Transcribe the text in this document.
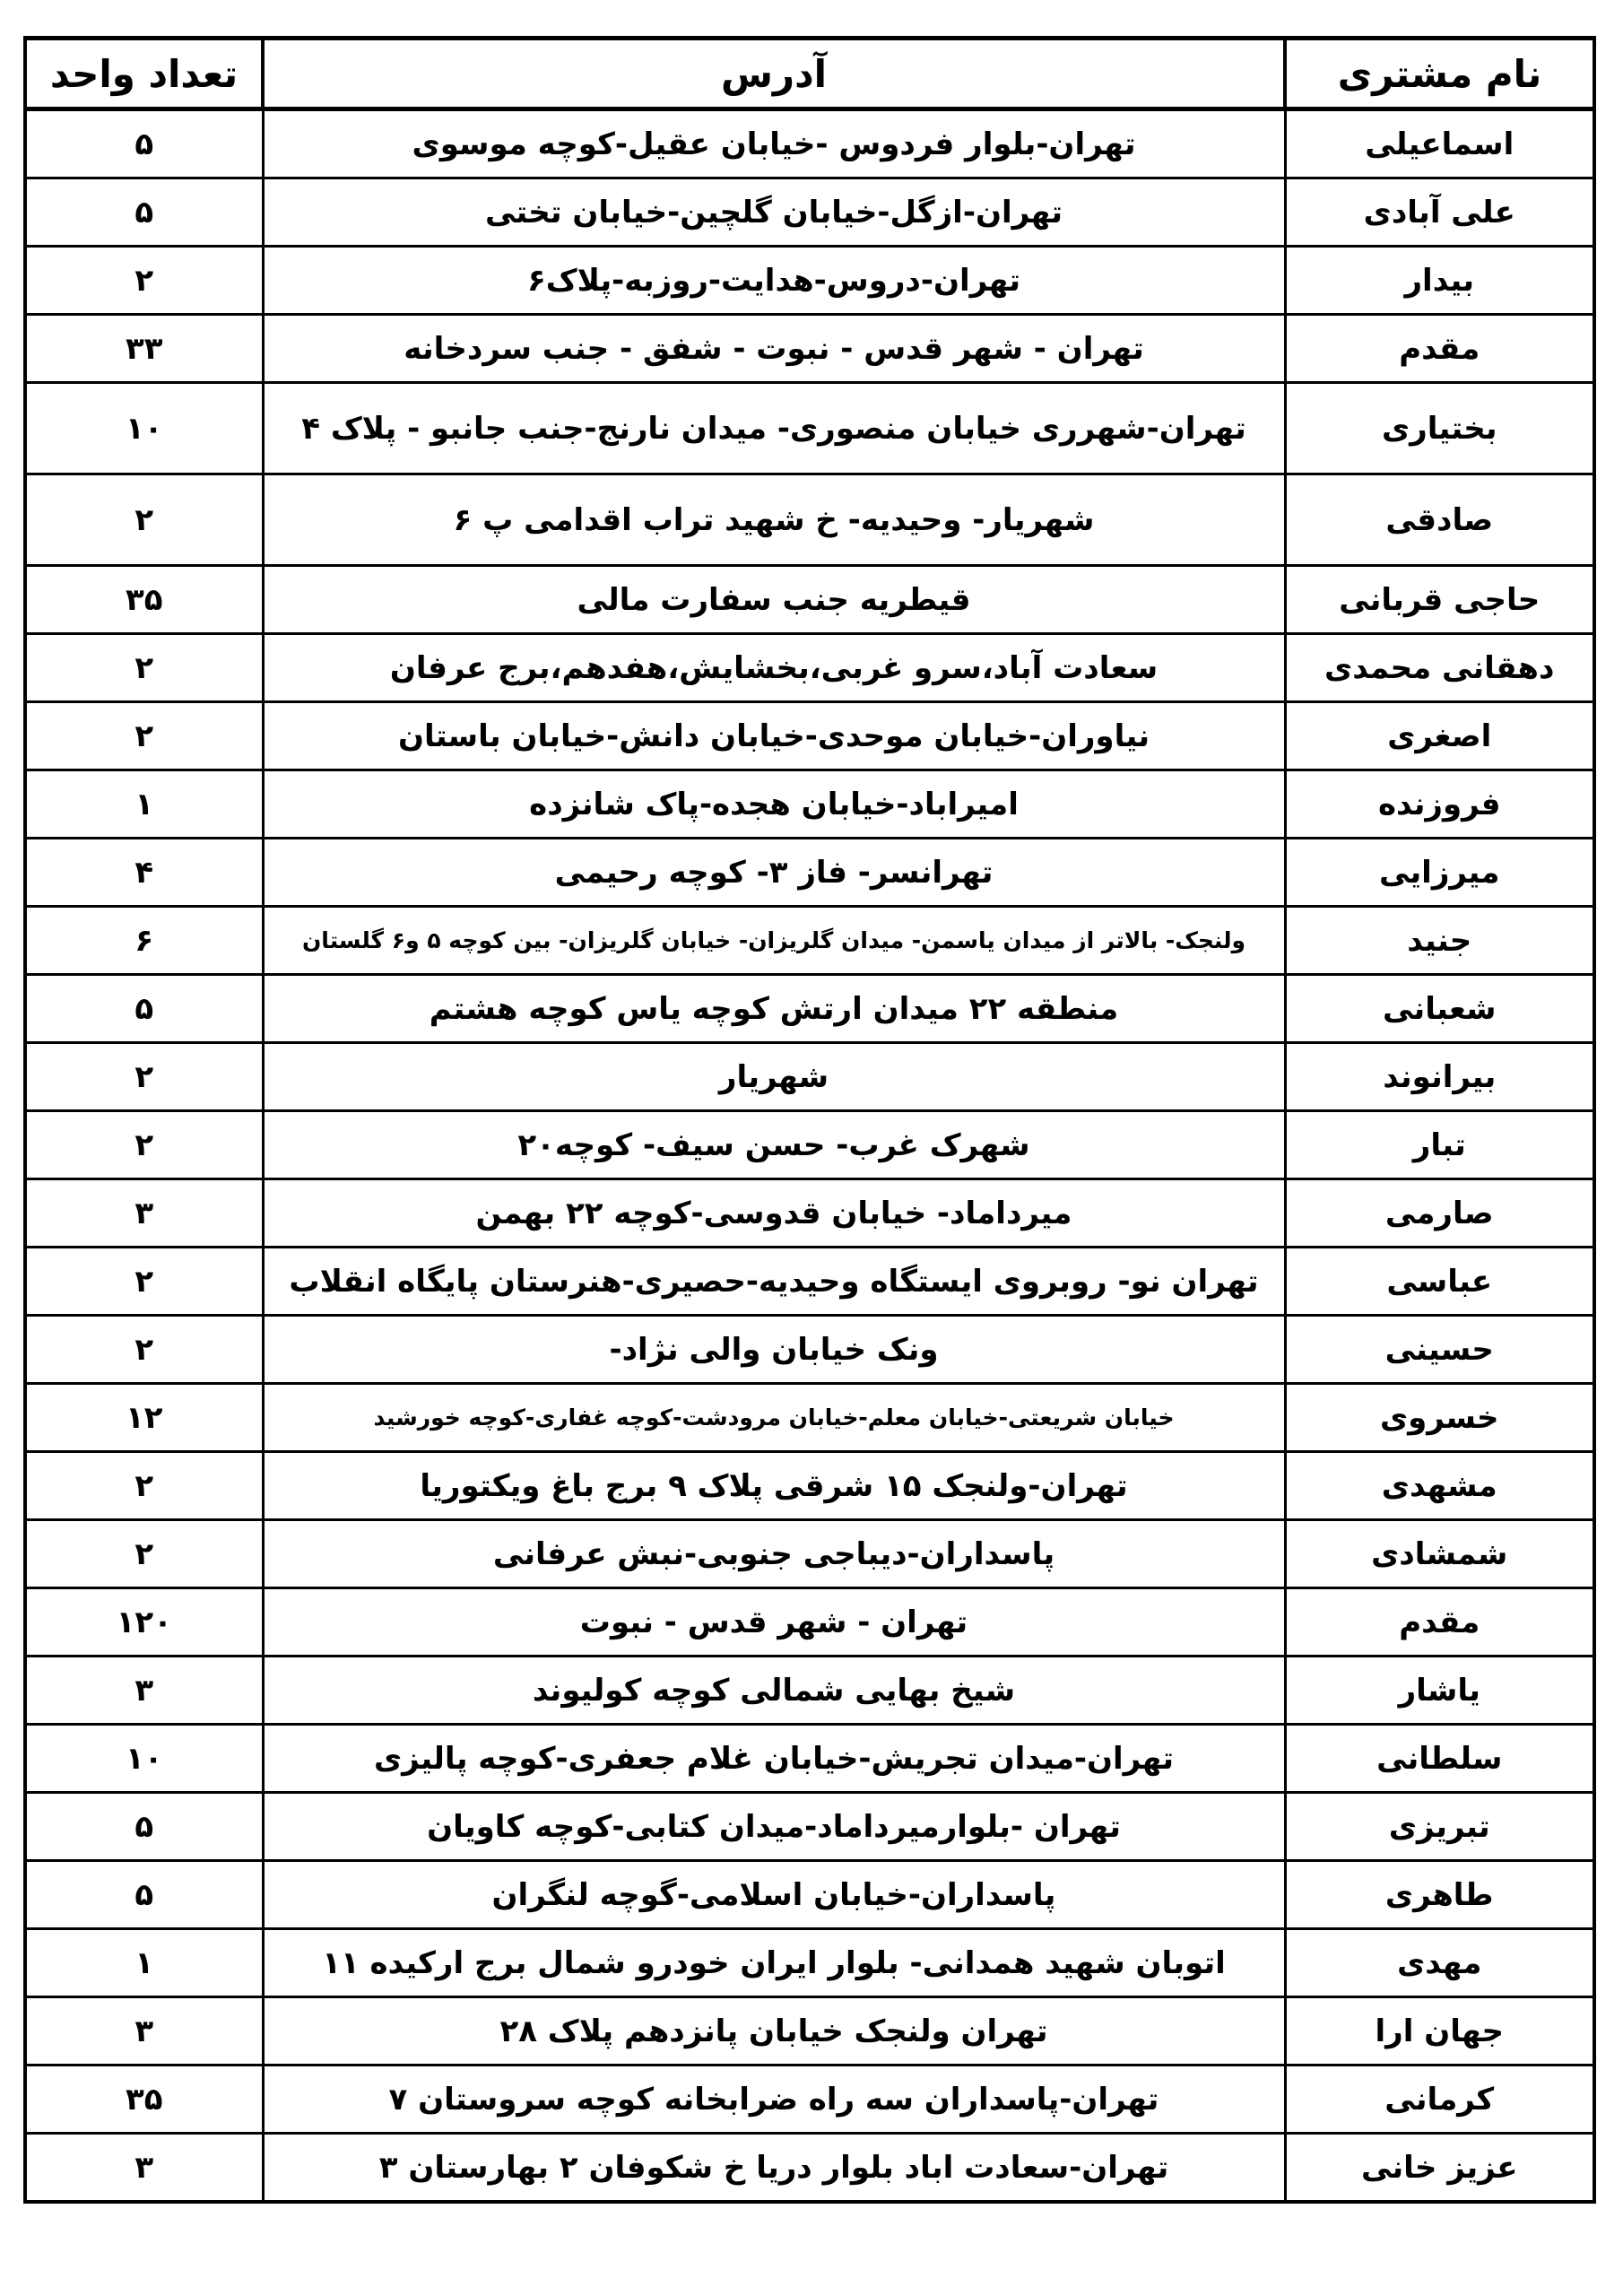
نام مشتری	آدرس	تعداد واحد
اسماعیلی	تهران-بلوار فردوس -خیابان عقیل-کوچه موسوی	۵
علی آبادی	تهران-ازگل-خیابان گلچین-خیابان تختی	۵
بیدار	تهران-دروس-هدایت-روزبه-پلاک۶	۲
مقدم	تهران - شهر قدس - نبوت - شفق - جنب سردخانه	۳۳
بختیاری	تهران-شهرری خیابان منصوری- میدان نارنج-جنب جانبو - پلاک ۴	۱۰
صادقی	شهریار- وحیدیه- خ شهید تراب اقدامی پ ۶	۲
حاجی قربانی	قیطریه جنب سفارت مالی	۳۵
دهقانی محمدی	سعادت آباد،سرو غربی،بخشایش،هفدهم،برج عرفان	۲
اصغری	نیاوران-خیابان موحدی-خیابان دانش-خیابان باستان	۲
فروزنده	امیراباد-خیابان هجده-پاک شانزده	۱
میرزایی	تهرانسر- فاز ۳- کوچه رحیمی	۴
جنید	ولنجک- بالاتر از میدان یاسمن- میدان گلریزان- خیابان گلریزان- بین کوچه ۵ و۶ گلستان	۶
شعبانی	منطقه ۲۲ میدان ارتش کوچه یاس کوچه هشتم	۵
بیرانوند	شهریار	۲
تبار	شهرک غرب- حسن سیف- کوچه۲۰	۲
صارمی	میرداماد- خیابان قدوسی-کوچه ۲۲ بهمن	۳
عباسی	تهران نو- روبروی ایستگاه وحیدیه-حصیری-هنرستان پایگاه انقلاب	۲
حسینی	ونک خیابان والی نژاد-	۲
خسروی	خیابان شریعتی-خیابان معلم-خیابان مرودشت-کوچه غفاری-کوچه خورشید	۱۲
مشهدی	تهران-ولنجک ۱۵ شرقی پلاک ۹ برج باغ ویکتوریا	۲
شمشادی	پاسداران-دیباجی جنوبی-نبش عرفانی	۲
مقدم	تهران - شهر قدس - نبوت	۱۲۰
یاشار	شیخ بهایی شمالی کوچه کولیوند	۳
سلطانی	تهران-میدان تجریش-خیابان غلام جعفری-کوچه پالیزی	۱۰
تبریزی	تهران -بلوارمیرداماد-میدان کتابی-کوچه کاویان	۵
طاهری	پاسداران-خیابان اسلامی-گوچه لنگران	۵
مهدی	اتوبان شهید همدانی- بلوار ایران خودرو شمال برج ارکیده ۱۱	۱
جهان ارا	تهران ولنجک خیابان پانزدهم پلاک ۲۸	۳
کرمانی	تهران-پاسداران سه راه ضرابخانه کوچه سروستان ۷	۳۵
عزیز خانی	تهران-سعادت اباد بلوار دریا خ شکوفان ۲ بهارستان ۳	۳
